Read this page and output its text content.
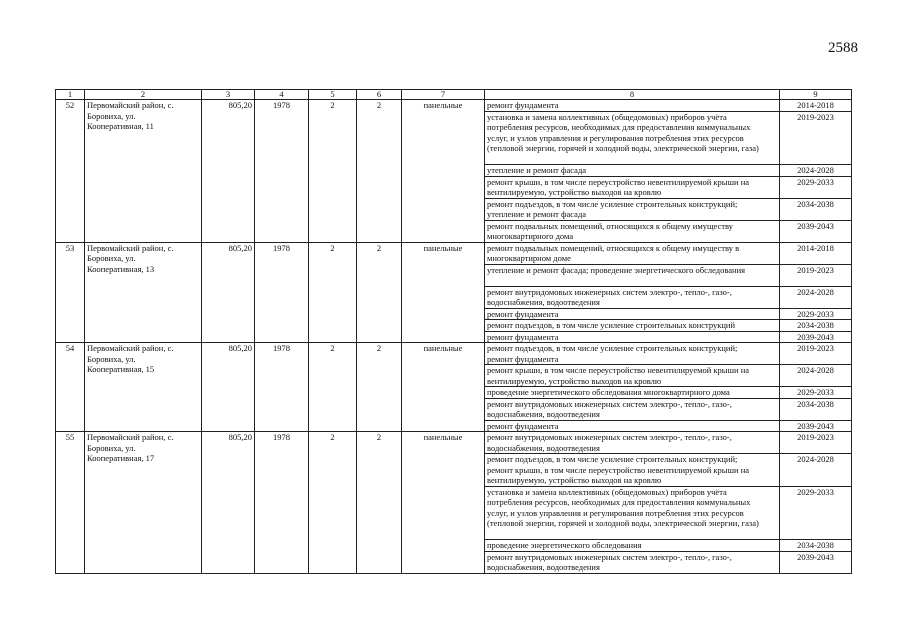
2588
1	2	3	4	5	6	7	8	9
52	Первомайский район, с.
Боровиха, ул.
Кооперативная, 11	805,20	1978	2	2	панельные	ремонт фундамента	2014-2018

							установка и замена коллективных (общедомовых) приборов учёта
потребления ресурсов, необходимых для предоставления коммунальных
услуг, и узлов управления и регулирования потребления этих ресурсов
(тепловой энергии, горячей и холодной воды, электрической энергии, газа)	2019-2023

							утепление и ремонт фасада	2024-2028

							ремонт крыши, в том числе переустройство невентилируемой крыши на
вентилируемую, устройство выходов на кровлю	2029-2033

							ремонт подъездов, в том числе усиление строительных конструкций;
утепление и ремонт фасада	2034-2038

							ремонт подвальных помещений, относящихся к общему имуществу
многоквартирного дома	2039-2043
53	Первомайский район, с.
Боровиха, ул.
Кооперативная, 13	805,20	1978	2	2	панельные	ремонт подвальных помещений, относящихся к общему имуществу в
многоквартирном доме	2014-2018

							утепление и ремонт фасада; проведение энергетического обследования	2019-2023

							ремонт внутридомовых инженерных систем электро-, тепло-, газо-,
водоснабжения, водоотведения	2024-2028

							ремонт фундамента	2029-2033

							ремонт подъездов, в том числе усиление строительных конструкций	2034-2038

							ремонт фундамента	2039-2043
54	Первомайский район, с.
Боровиха, ул.
Кооперативная, 15	805,20	1978	2	2	панельные	ремонт подъездов, в том числе усиление строительных конструкций;
ремонт фундамента	2019-2023

							ремонт крыши, в том числе переустройство невентилируемой крыши на
вентилируемую, устройство выходов на кровлю	2024-2028

							проведение энергетического обследования многоквартирного дома	2029-2033

							ремонт внутридомовых инженерных систем электро-, тепло-, газо-,
водоснабжения, водоотведения	2034-2038

							ремонт фундамента	2039-2043
55	Первомайский район, с.
Боровиха, ул.
Кооперативная, 17	805,20	1978	2	2	панельные	ремонт внутридомовых инженерных систем электро-, тепло-, газо-,
водоснабжения, водоотведения	2019-2023

							ремонт подъездов, в том числе усиление строительных конструкций;
ремонт крыши, в том числе переустройство невентилируемой крыши на
вентилируемую, устройство выходов на кровлю	2024-2028

							установка и замена коллективных (общедомовых) приборов учёта
потребления ресурсов, необходимых для предоставления коммунальных
услуг, и узлов управления и регулирования потребления этих ресурсов
(тепловой энергии, горячей и холодной воды, электрической энергии, газа)	2029-2033

							проведение энергетического обследования	2034-2038

							ремонт внутридомовых инженерных систем электро-, тепло-, газо-,
водоснабжения, водоотведения	2039-2043
